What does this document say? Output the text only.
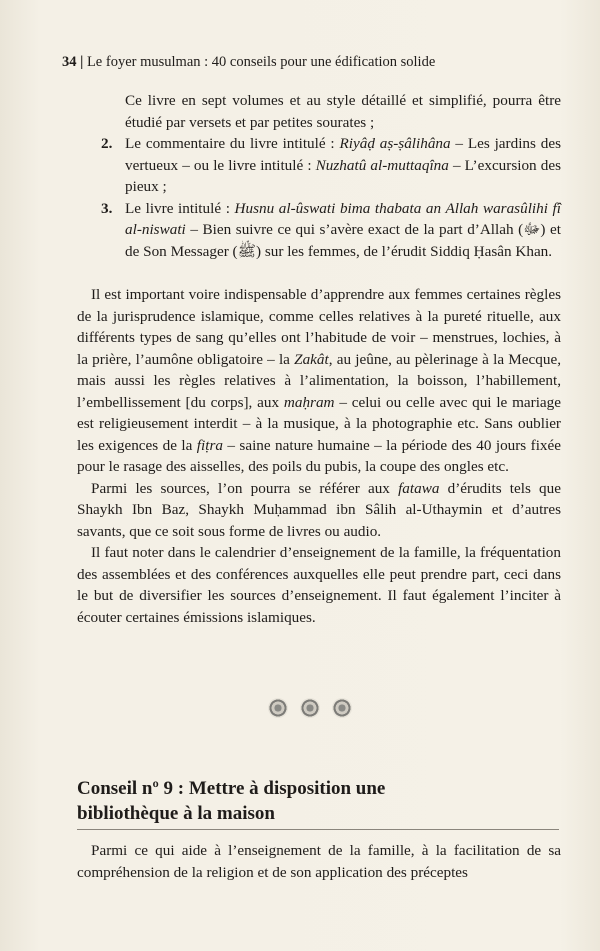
34 | Le foyer musulman : 40 conseils pour une édification solide

Ce livre en sept volumes et au style détaillé et simplifié, pourra être étudié par versets et par petites sourates ;

2. Le commentaire du livre intitulé : Riyâḍ aṣ-ṣâlihâna – Les jardins des vertueux – ou le livre intitulé : Nuzhatû al-muttaqîna – L’excursion des pieux ;
3. Le livre intitulé : Husnu al-ûswati bima thabata an Allah warasûlihi fî al-niswati – Bien suivre ce qui s’avère exact de la part d’Allah (ﷻ) et de Son Messager (ﷺ) sur les femmes, de l’érudit Siddiq Ḥasân Khan.

Il est important voire indispensable d’apprendre aux femmes certaines règles de la jurisprudence islamique, comme celles relatives à la pureté rituelle, aux différents types de sang qu’elles ont l’habitude de voir – menstrues, lochies, à la prière, l’aumône obligatoire – la Zakât, au jeûne, au pèlerinage à la Mecque, mais aussi les règles relatives à l’alimentation, la boisson, l’habillement, l’embellissement [du corps], aux maḥram – celui ou celle avec qui le mariage est religieusement interdit – à la musique, à la photographie etc. Sans oublier les exigences de la fiṭra – saine nature humaine – la période des 40 jours fixée pour le rasage des aisselles, des poils du pubis, la coupe des ongles etc.

Parmi les sources, l’on pourra se référer aux fatawa d’érudits tels que Shaykh Ibn Baz, Shaykh Muḥammad ibn Sâlih al-Uthaymin et d’autres savants, que ce soit sous forme de livres ou audio.

Il faut noter dans le calendrier d’enseignement de la famille, la fréquentation des assemblées et des conférences auxquelles elle peut prendre part, ceci dans le but de diversifier les sources d’enseignement. Il faut également l’inciter à écouter certaines émissions islamiques.

Conseil nº 9 : Mettre à disposition une
bibliothèque à la maison

Parmi ce qui aide à l’enseignement de la famille, à la facilitation de sa compréhension de la religion et de son application des préceptes
